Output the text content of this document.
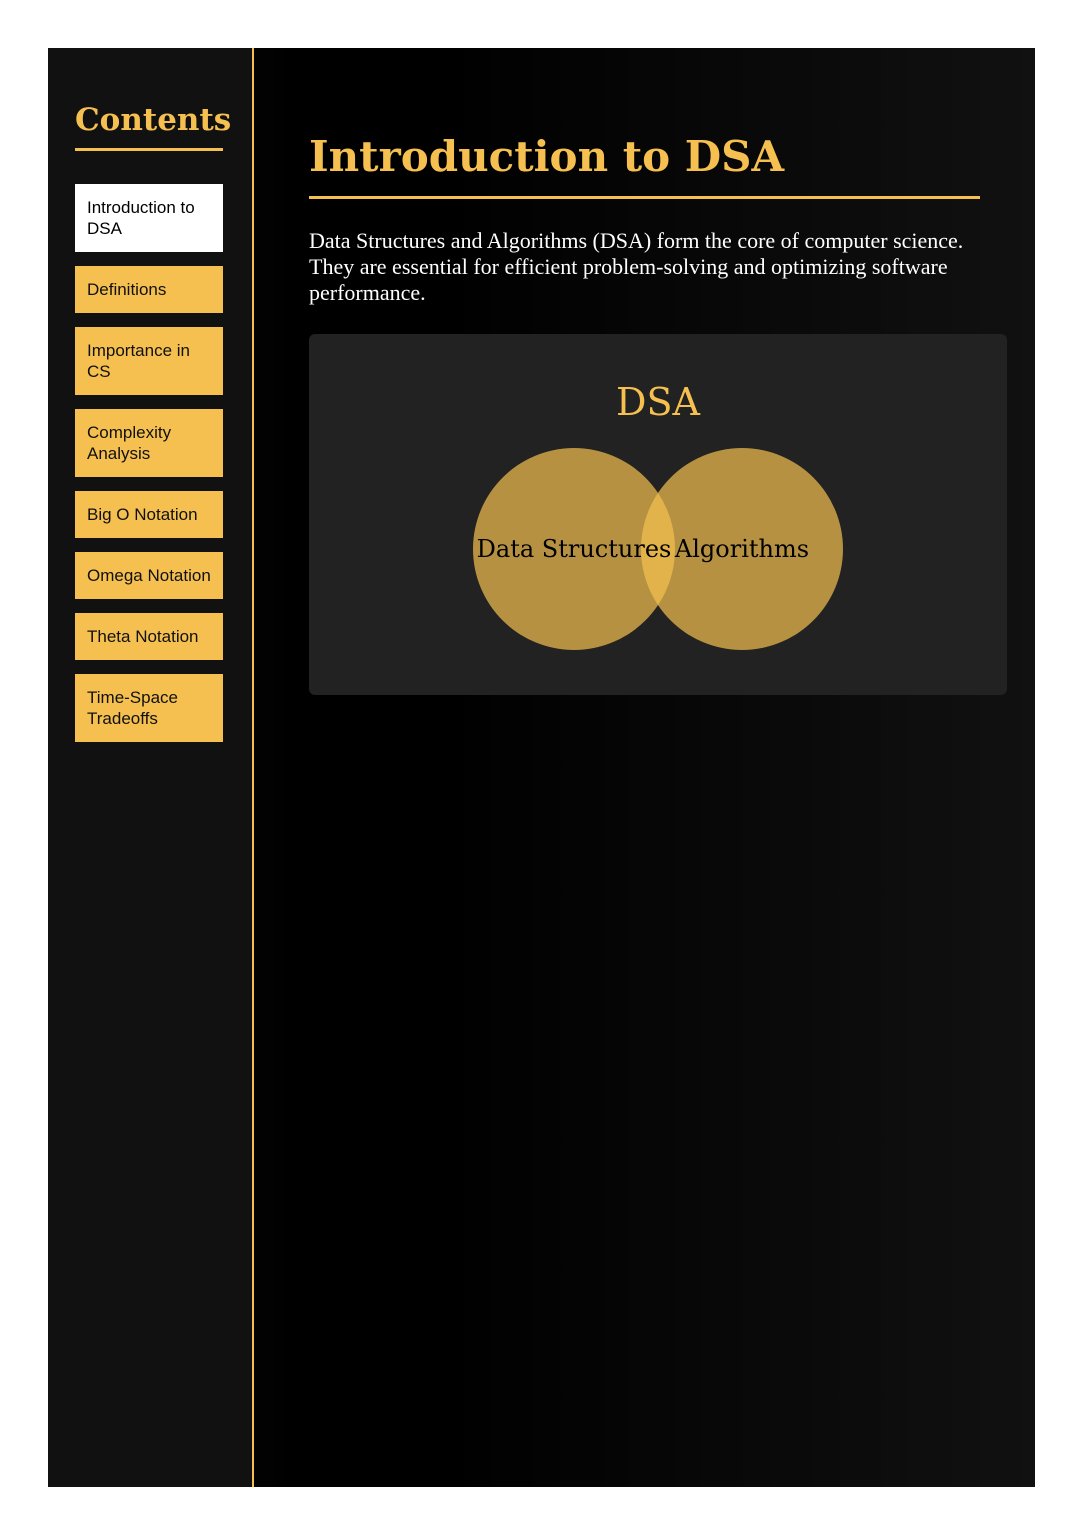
Contents
Introduction to DSA
Definitions
Importance in CS
Complexity Analysis
Big O Notation
Omega Notation
Theta Notation
Time-Space Tradeoffs
Introduction to DSA

Data Structures and Algorithms (DSA) form the core of computer science. They are essential for efficient problem-solving and optimizing software performance.

DSA
Data Structures Algorithms
